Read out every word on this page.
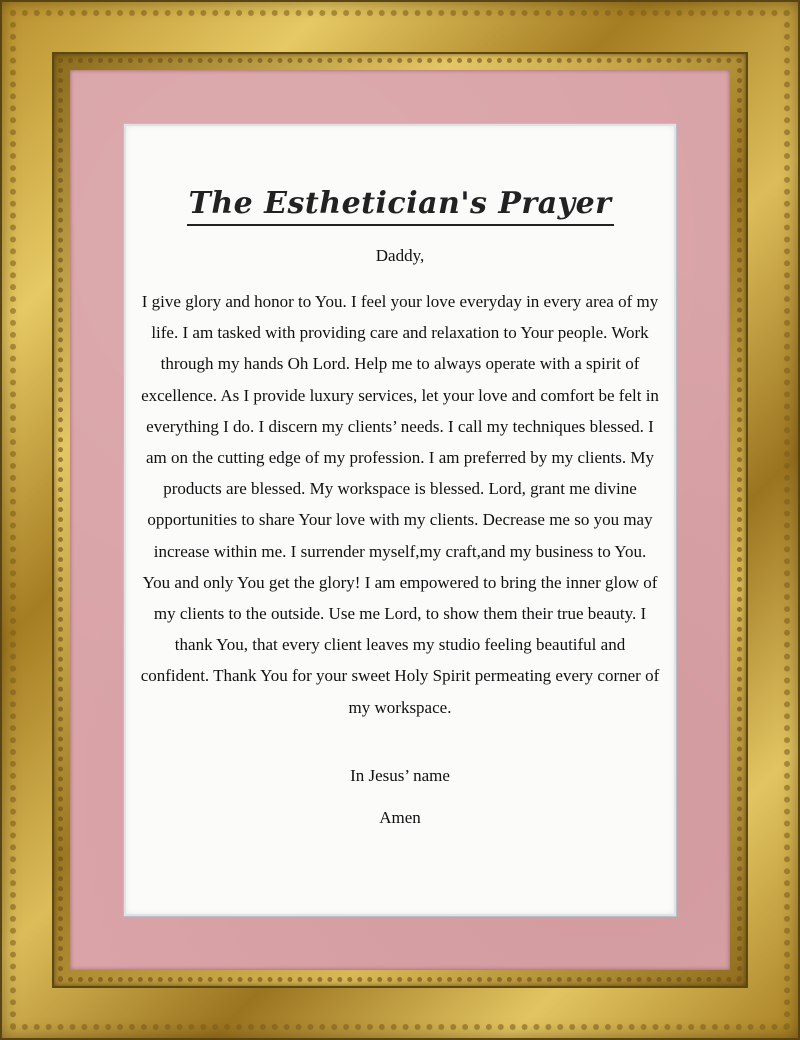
The Esthetician's Prayer

Daddy,

I give glory and honor to You. I feel your love everyday in every area of my life. I am tasked with providing care and relaxation to Your people. Work through my hands Oh Lord. Help me to always operate with a spirit of excellence. As I provide luxury services, let your love and comfort be felt in everything I do. I discern my clients’ needs. I call my techniques blessed. I am on the cutting edge of my profession. I am preferred by my clients. My products are blessed. My workspace is blessed. Lord, grant me divine opportunities to share Your love with my clients. Decrease me so you may increase within me. I surrender myself,my craft,and my business to You. You and only You get the glory! I am empowered to bring the inner glow of my clients to the outside. Use me Lord, to show them their true beauty. I thank You, that every client leaves my studio feeling beautiful and confident. Thank You for your sweet Holy Spirit permeating every corner of my workspace.

In Jesus’ name

Amen
